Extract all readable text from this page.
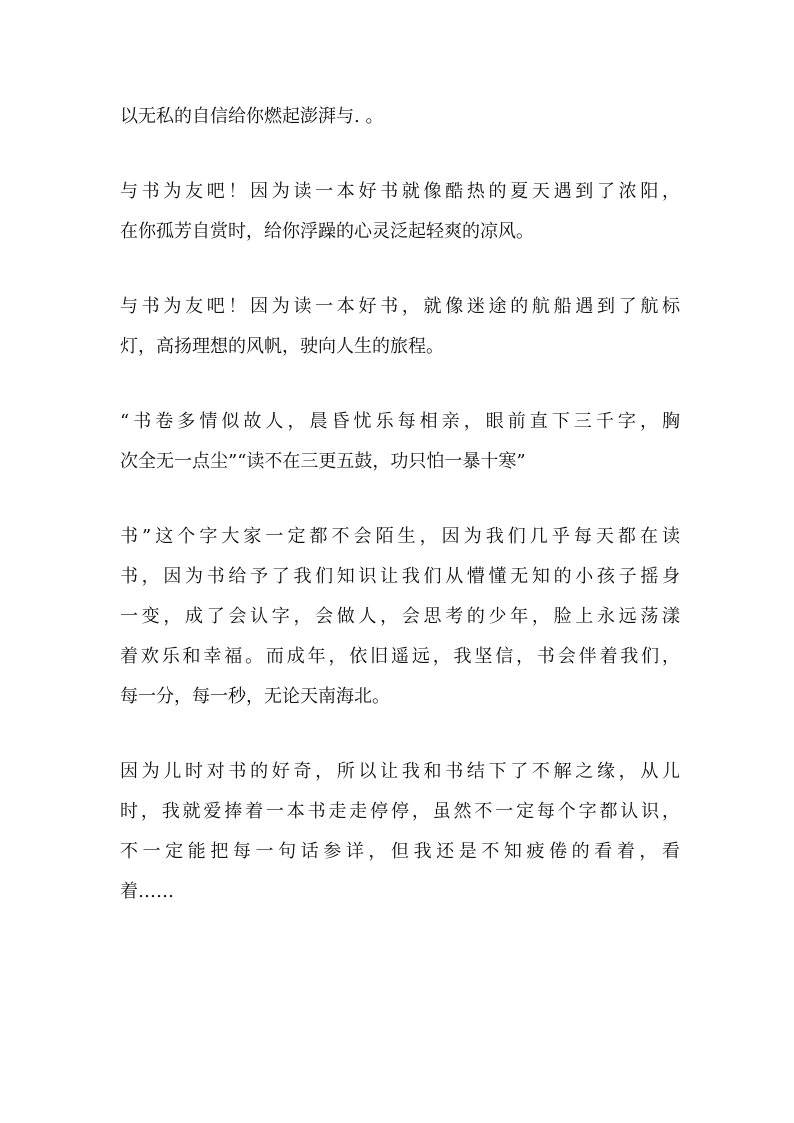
以无私的自信给你燃起澎湃与. 。
与书为友吧！因为读一本好书就像酷热的夏天遇到了浓阳，
在你孤芳自赏时，给你浮躁的心灵泛起轻爽的凉风。
与书为友吧！因为读一本好书，就像迷途的航船遇到了航标
灯，高扬理想的风帆，驶向人生的旅程。
“书卷多情似故人，晨昏忧乐每相亲，眼前直下三千字，胸
次全无一点尘”“读不在三更五鼓，功只怕一暴十寒”
书”这个字大家一定都不会陌生，因为我们几乎每天都在读
书，因为书给予了我们知识让我们从懵懂无知的小孩子摇身
一变，成了会认字，会做人，会思考的少年，脸上永远荡漾
着欢乐和幸福。而成年，依旧遥远，我坚信，书会伴着我们，
每一分，每一秒，无论天南海北。
因为儿时对书的好奇，所以让我和书结下了不解之缘，从儿
时，我就爱捧着一本书走走停停，虽然不一定每个字都认识，
不一定能把每一句话参详，但我还是不知疲倦的看着，看
着……
